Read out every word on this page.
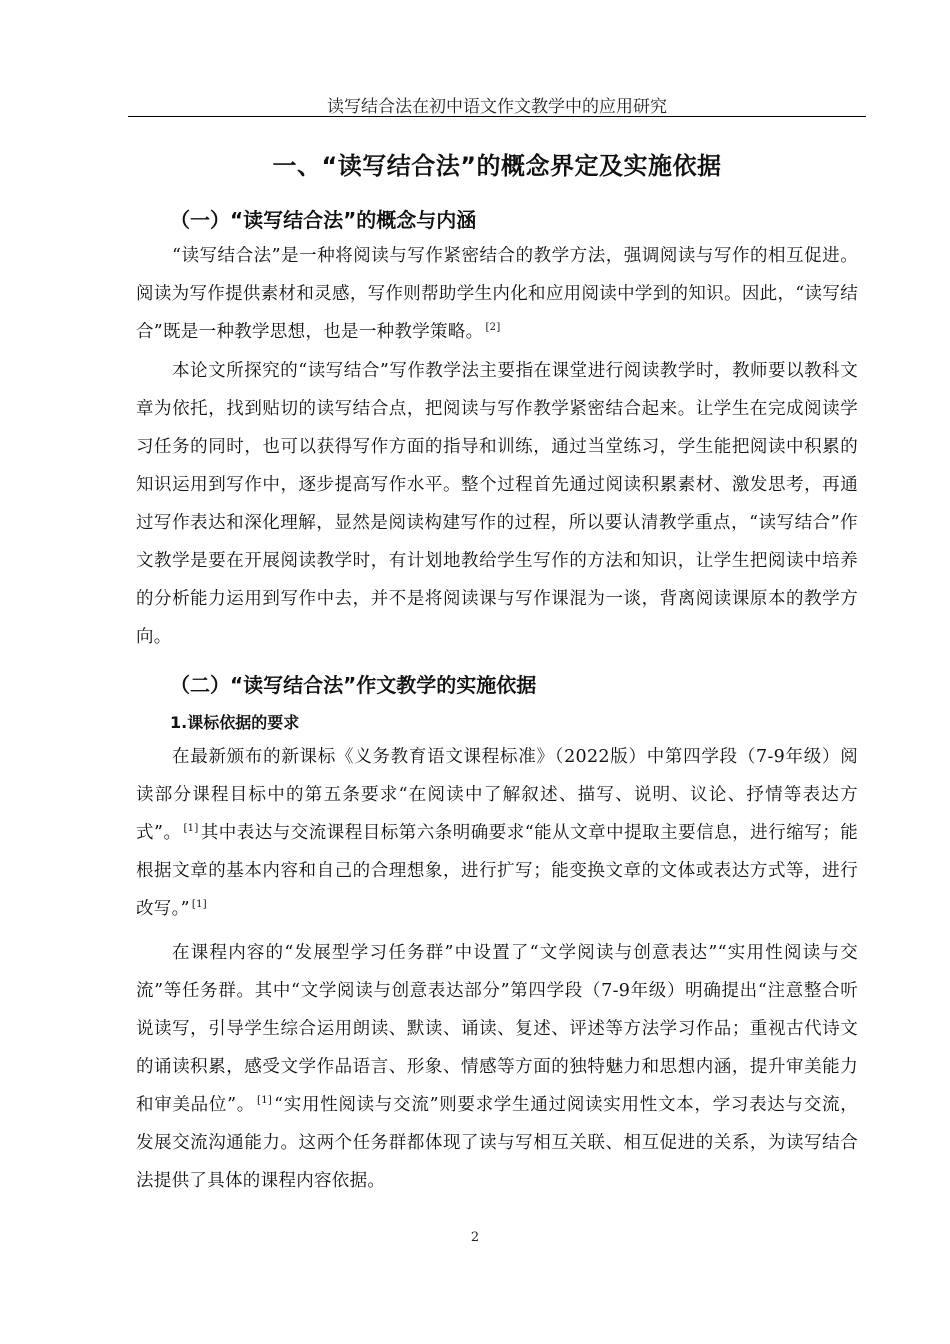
读写结合法在初中语文作文教学中的应用研究
一、“读写结合法”的概念界定及实施依据
（一）“读写结合法”的概念与内涵

“读写结合法”是一种将阅读与写作紧密结合的教学方法，强调阅读与写作的相互促进。阅读为写作提供素材和灵感，写作则帮助学生内化和应用阅读中学到的知识。因此，“读写结合”既是一种教学思想，也是一种教学策略。 [2]

本论文所探究的“读写结合”写作教学法主要指在课堂进行阅读教学时，教师要以教科文章为依托，找到贴切的读写结合点，把阅读与写作教学紧密结合起来。让学生在完成阅读学习任务的同时，也可以获得写作方面的指导和训练，通过当堂练习，学生能把阅读中积累的知识运用到写作中，逐步提高写作水平。整个过程首先通过阅读积累素材、激发思考，再通过写作表达和深化理解，显然是阅读构建写作的过程，所以要认清教学重点，“读写结合”作文教学是要在开展阅读教学时，有计划地教给学生写作的方法和知识，让学生把阅读中培养的分析能力运用到写作中去，并不是将阅读课与写作课混为一谈，背离阅读课原本的教学方向。

（二）“读写结合法”作文教学的实施依据
1.课标依据的要求

在最新颁布的新课标《义务教育语文课程标准》（2022版）中第四学段（7-9年级）阅读部分课程目标中的第五条要求“在阅读中了解叙述、描写、说明、议论、抒情等表达方式”。 [1] 其中表达与交流课程目标第六条明确要求“能从文章中提取主要信息，进行缩写；能根据文章的基本内容和自己的合理想象，进行扩写；能变换文章的文体或表达方式等，进行改写。” [1]

在课程内容的“发展型学习任务群”中设置了“文学阅读与创意表达”“实用性阅读与交流”等任务群。其中“文学阅读与创意表达部分”第四学段（7-9年级）明确提出“注意整合听说读写，引导学生综合运用朗读、默读、诵读、复述、评述等方法学习作品；重视古代诗文的诵读积累，感受文学作品语言、形象、情感等方面的独特魅力和思想内涵，提升审美能力和审美品位”。 [1] “实用性阅读与交流”则要求学生通过阅读实用性文本，学习表达与交流，发展交流沟通能力。这两个任务群都体现了读与写相互关联、相互促进的关系，为读写结合法提供了具体的课程内容依据。

2
